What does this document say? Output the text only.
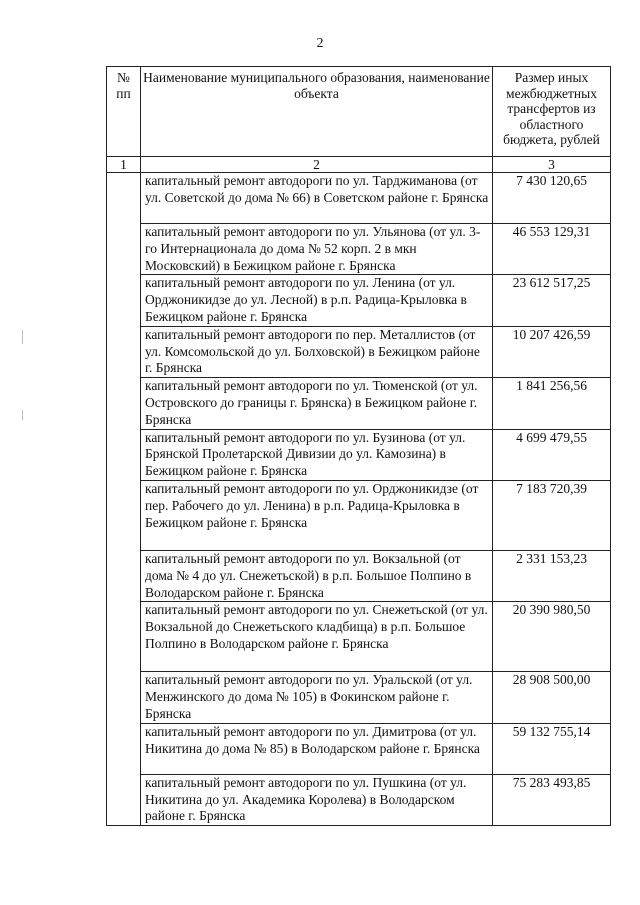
2
№ пп	Наименование муниципального образования, наименование объекта	Размер иных межбюджетных трансфертов из областного бюджета, рублей
1	2	3
	капитальный ремонт автодороги по ул. Тарджимановa (от ул. Советской до дома № 66) в Советском районе г. Брянска	7 430 120,65
	капитальный ремонт автодороги по ул. Ульянова (от ул. 3-го Интернационала до дома № 52 корп. 2 в мкн Московский) в Бежицком районе г. Брянска	46 553 129,31
	капитальный ремонт автодороги по ул. Ленина (от ул. Орджоникидзе до ул. Лесной) в р.п. Радица-Крыловка в Бежицком районе г. Брянска	23 612 517,25
	капитальный ремонт автодороги по пер. Металлистов (от ул. Комсомольской до ул. Болховской) в Бежицком районе г. Брянска	10 207 426,59
	капитальный ремонт автодороги по ул. Тюменской (от ул. Островского до границы г. Брянска) в Бежицком районе г. Брянска	1 841 256,56
	капитальный ремонт автодороги по ул. Бузинова (от ул. Брянской Пролетарской Дивизии до ул. Камозина) в Бежицком районе г. Брянска	4 699 479,55
	капитальный ремонт автодороги по ул. Орджоникидзе (от пер. Рабочего до ул. Ленина) в р.п. Радица-Крыловка в Бежицком районе г. Брянска	7 183 720,39
	капитальный ремонт автодороги по ул. Вокзальной (от дома № 4 до ул. Снежетьской) в р.п. Большое Полпино в Володарском районе г. Брянска	2 331 153,23
	капитальный ремонт автодороги по ул. Снежетьской (от ул. Вокзальной до Снежетьского кладбища) в р.п. Большое Полпино в Володарском районе г. Брянска	20 390 980,50
	капитальный ремонт автодороги по ул. Уральской (от ул. Менжинского до дома № 105) в Фокинском районе г. Брянска	28 908 500,00
	капитальный ремонт автодороги по ул. Димитрова (от ул. Никитина до дома № 85) в Володарском районе г. Брянска	59 132 755,14
	капитальный ремонт автодороги по ул. Пушкина (от ул. Никитина до ул. Академика Королева) в Володарском районе г. Брянска	75 283 493,85
